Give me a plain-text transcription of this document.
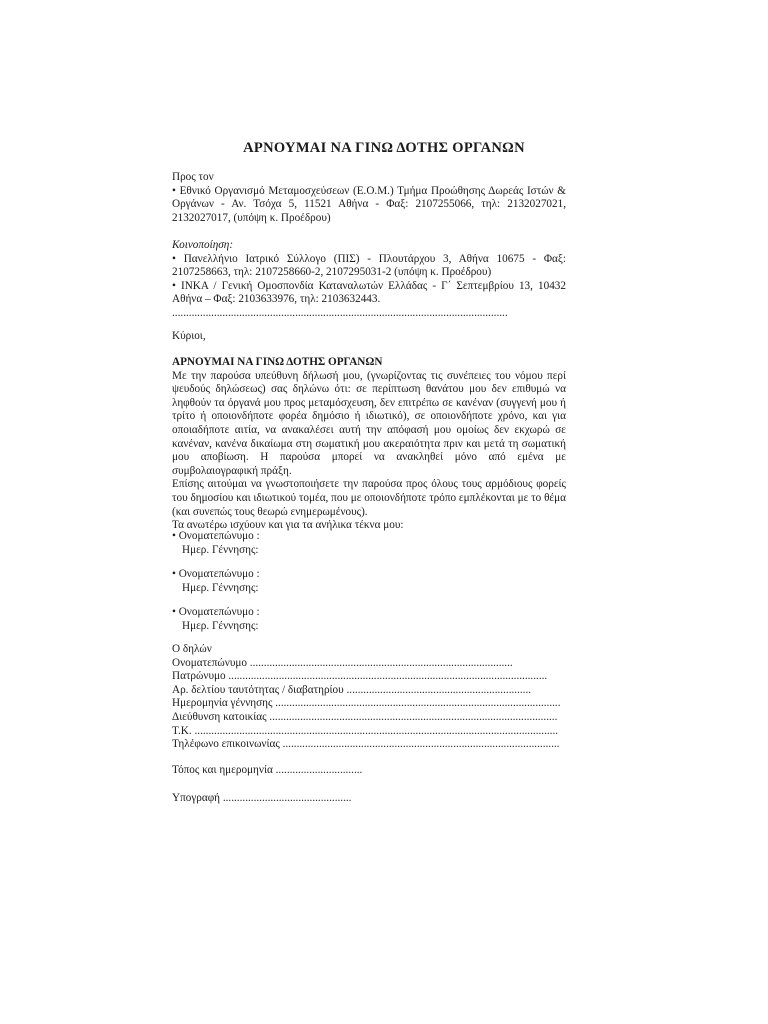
ΑΡΝΟΥΜΑΙ ΝΑ ΓΙΝΩ ΔΟΤΗΣ ΟΡΓΑΝΩΝ

Προς τον

• Εθνικό Οργανισμό Μεταμοσχεύσεων (Ε.Ο.Μ.) Τμήμα Προώθησης Δωρεάς Ιστών & Οργάνων - Αν. Τσόχα 5, 11521 Αθήνα - Φαξ: 2107255066, τηλ: 2132027021, 2132027017, (υπόψη κ. Προέδρου)

Κοινοποίηση:

• Πανελλήνιο Ιατρικό Σύλλογο (ΠΙΣ) - Πλουτάρχου 3, Αθήνα 10675 - Φαξ: 2107258663, τηλ: 2107258660-2, 2107295031-2 (υπόψη κ. Προέδρου)

• ΙΝΚΑ / Γενική Ομοσπονδία Καταναλωτών Ελλάδας - Γ΄ Σεπτεμβρίου 13, 10432 Αθήνα – Φαξ: 2103633976, τηλ: 2103632443.

........................................................................................................................

Κύριοι,

ΑΡΝΟΥΜΑΙ ΝΑ ΓΙΝΩ ΔΟΤΗΣ ΟΡΓΑΝΩΝ

Με την παρούσα υπεύθυνη δήλωσή μου, (γνωρίζοντας τις συνέπειες του νόμου περί ψευδούς δηλώσεως) σας δηλώνω ότι: σε περίπτωση θανάτου μου δεν επιθυμώ να ληφθούν τα όργανά μου προς μεταμόσχευση, δεν επιτρέπω σε κανέναν (συγγενή μου ή τρίτο ή οποιονδήποτε φορέα δημόσιο ή ιδιωτικό), σε οποιονδήποτε χρόνο, και για οποιαδήποτε αιτία, να ανακαλέσει αυτή την απόφασή μου ομοίως δεν εκχωρώ σε κανέναν, κανένα δικαίωμα στη σωματική μου ακεραιότητα πριν και μετά τη σωματική μου αποβίωση. Η παρούσα μπορεί να ανακληθεί μόνο από εμένα με συμβολαιογραφική πράξη.

Επίσης αιτούμαι να γνωστοποιήσετε την παρούσα προς όλους τους αρμόδιους φορείς του δημοσίου και ιδιωτικού τομέα, που με οποιονδήποτε τρόπο εμπλέκονται με το θέμα (και συνεπώς τους θεωρώ ενημερωμένους).

Τα ανωτέρω ισχύουν και για τα ανήλικα τέκνα μου:

• Ονοματεπώνυμο :

Ημερ. Γέννησης:

• Ονοματεπώνυμο :

Ημερ. Γέννησης:

• Ονοματεπώνυμο :

Ημερ. Γέννησης:

Ο δηλών

Ονοματεπώνυμο ..............................................................................................
Πατρώνυμο ..................................................................................................................
Αρ. δελτίου ταυτότητας / διαβατηρίου ..................................................................
Ημερομηνία γέννησης ......................................................................................................
Διεύθυνση κατοικίας .......................................................................................................
Τ.Κ. ..................................................................................................................................
Τηλέφωνο επικοινωνίας ...................................................................................................
Τόπος και ημερομηνία ...............................
Υπογραφή ..............................................
